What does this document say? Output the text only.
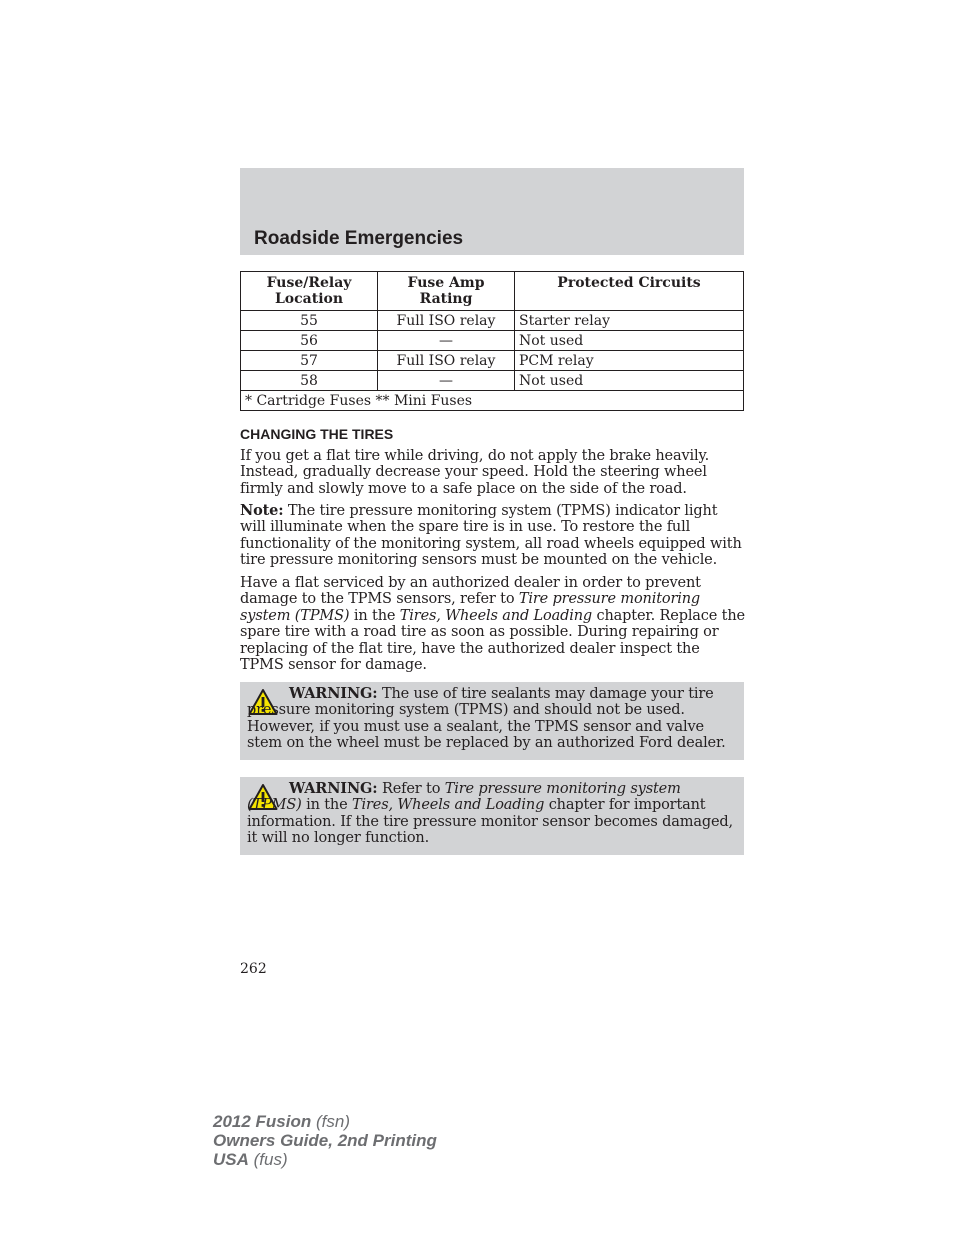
Roadside Emergencies
Fuse/Relay Location	Fuse Amp Rating	Protected Circuits
55	Full ISO relay	Starter relay
56	—	Not used
57	Full ISO relay	PCM relay
58	—	Not used
* Cartridge Fuses ** Mini Fuses		
CHANGING THE TIRES

If you get a flat tire while driving, do not apply the brake heavily. Instead, gradually decrease your speed. Hold the steering wheel firmly and slowly move to a safe place on the side of the road.

Note: The tire pressure monitoring system (TPMS) indicator light will illuminate when the spare tire is in use. To restore the full functionality of the monitoring system, all road wheels equipped with tire pressure monitoring sensors must be mounted on the vehicle.

Have a flat serviced by an authorized dealer in order to prevent damage to the TPMS sensors, refer to Tire pressure monitoring system (TPMS) in the Tires, Wheels and Loading chapter. Replace the spare tire with a road tire as soon as possible. During repairing or replacing of the flat tire, have the authorized dealer inspect the TPMS sensor for damage.

WARNING: The use of tire sealants may damage your tire pressure monitoring system (TPMS) and should not be used. However, if you must use a sealant, the TPMS sensor and valve stem on the wheel must be replaced by an authorized Ford dealer.

WARNING: Refer to Tire pressure monitoring system (TPMS) in the Tires, Wheels and Loading chapter for important information. If the tire pressure monitor sensor becomes damaged, it will no longer function.

262
2012 Fusion (fsn)
Owners Guide, 2nd Printing
USA (fus)
